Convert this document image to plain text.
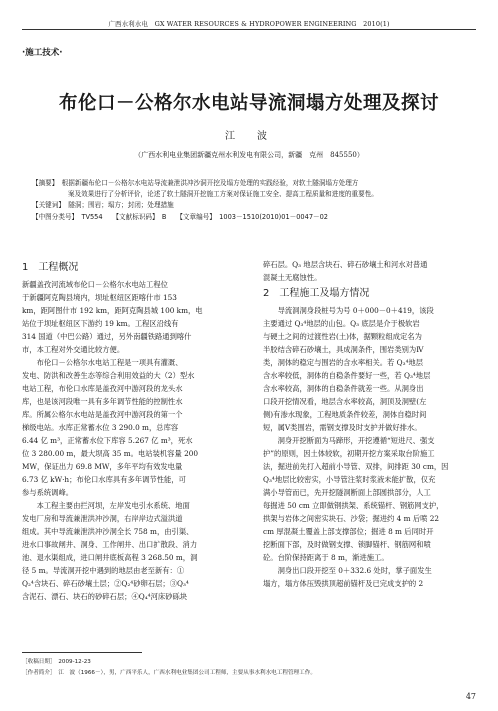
广西水利水电　GX WATER RESOURCES & HYDROPOWER ENGINEERING　2010(1)
·施工技术·
布伦口－公格尔水电站导流洞塌方处理及探讨
江　波
（广西水利电业集团新疆克州水利发电有限公司，新疆　克州　845550）
【摘要】　根据新疆布伦口－公格尔水电站导流兼泄洪冲沙洞开挖及塌方处理的实践经验，对软土隧洞塌方处理方
案及效果进行了分析评价，论述了软土隧洞开挖施工方案对保证施工安全、提高工程质量和进度的重要性。
【关键词】　隧洞；围岩；塌方；封闭；处理措施
【中图分类号】　TV554　　【文献标识码】　B　　【文章编号】　1003－1510(2010)01－0047－02
1　工程概况
新疆盖孜河流域布伦口－公格尔水电站工程位
于新疆阿克陶县境内，坝址枢纽区距喀什市 153
km，距阿图什市 192 km，距阿克陶县城 100 km，电
站位于坝址枢纽区下游约 19 km。工程区沿线有
314 国道（中巴公路）通过，另外南疆铁路通到喀什
市，本工程对外交通比较方便。
　　布伦口－公格尔水电站工程是一项具有灌溉、
发电、防洪和改善生态等综合利用效益的大（2）型水
电站工程，布伦口水库是盖孜河中游河段的龙头水
库，也是该河段唯一具有多年调节性能的控制性水
库。所属公格尔水电站是盖孜河中游河段的第一个
梯级电站。水库正常蓄水位 3 290.0 m，总库容
6.44 亿 m³，正常蓄水位下库容 5.267 亿 m³，死水
位 3 280.00 m，最大坝高 35 m。电站装机容量 200
MW，保证出力 69.8 MW，多年平均有效发电量
6.73 亿 kW·h；布伦口水库具有多年调节性能，可
参与系统调峰。
　　本工程主要由拦河坝，左岸发电引水系统、地面
发电厂房和导流兼泄洪冲沙洞，右岸岸边式溢洪道
组成。其中导流兼泄洪冲沙洞全长 758 m，由引渠、
进水口事故闸井、洞身、工作闸井、出口扩散段、消力
池、退水渠组成，进口闸井底板高程 3 268.50 m，洞
径 5 m。导流洞开挖中遇到的地层由老至新有：①
Q₂⁴含块石、碎石砂壤土层；②Q₂⁴砂卵石层；③Q₃⁴
含泥石、漂石、块石的砂碎石层；④Q₄⁴河床砂砾块
碎石层。Q₃ 地层含块石、碎石砂壤土和河水对普通
混凝土无腐蚀性。
2　工程施工及塌方情况
　　导流洞洞身段桩号为号 0＋000－0＋419，该段
主要通过 Q₃⁴地层的山包。Q₃ 底层是介于极软岩
与硬土之间的过渡性岩(土)体，据颗粒组成定名为
半胶结含碎石砂壤土，具成洞条件，围岩类别为Ⅳ
类，洞体的稳定与围岩的含水率相关。若 Q₃⁴地层
含水率较低，洞体的自稳条件要好一些，若 Q₃⁴地层
含水率较高，洞体的自稳条件就差一些。从洞身出
口段开挖情况看，地层含水率较高，洞顶及洞壁(左
侧)有渗水现象，工程地质条件较差，洞体自稳时间
短，属Ⅴ类围岩，需钢支撑及时支护并做好排水。
　　洞身开挖断面为马蹄形，开挖遵循“短进尺、强支
护”的原则，因土体较软，初期开挖方案采取台阶施工
法，掘进前先打入超前小导管、双排，间排距 30 cm，因
Q₃⁴地层比较密实，小导管注浆时浆液未能扩散，仅充
满小导管而已，先开挖隧洞断面上部圆拱部分，人工
每掘进 50 cm 立即做钢拱架、系统锚杆、钢筋网支护，
拱架与岩体之间密实块石、沙袋；掘进约 4 m 后喷 22
cm 厚混凝土覆盖上部支撑部位；掘进 8 m 后同时开
挖断面下部，及时做钢支撑、锁脚锚杆、钢筋网和喷
砼。台阶保持距离于 8 m，渐进施工。
　　洞身出口段开挖至 0＋332.6 处时，掌子面发生
塌方，塌方体压毁拱顶超前锚杆及已完成支护的 2
［收稿日期］　2009-12-23
［作者简介］　江　波（1966－），男，广西平乐人，广西水利电业集团公司工程师，主要从事水利水电工程管理工作。
47
